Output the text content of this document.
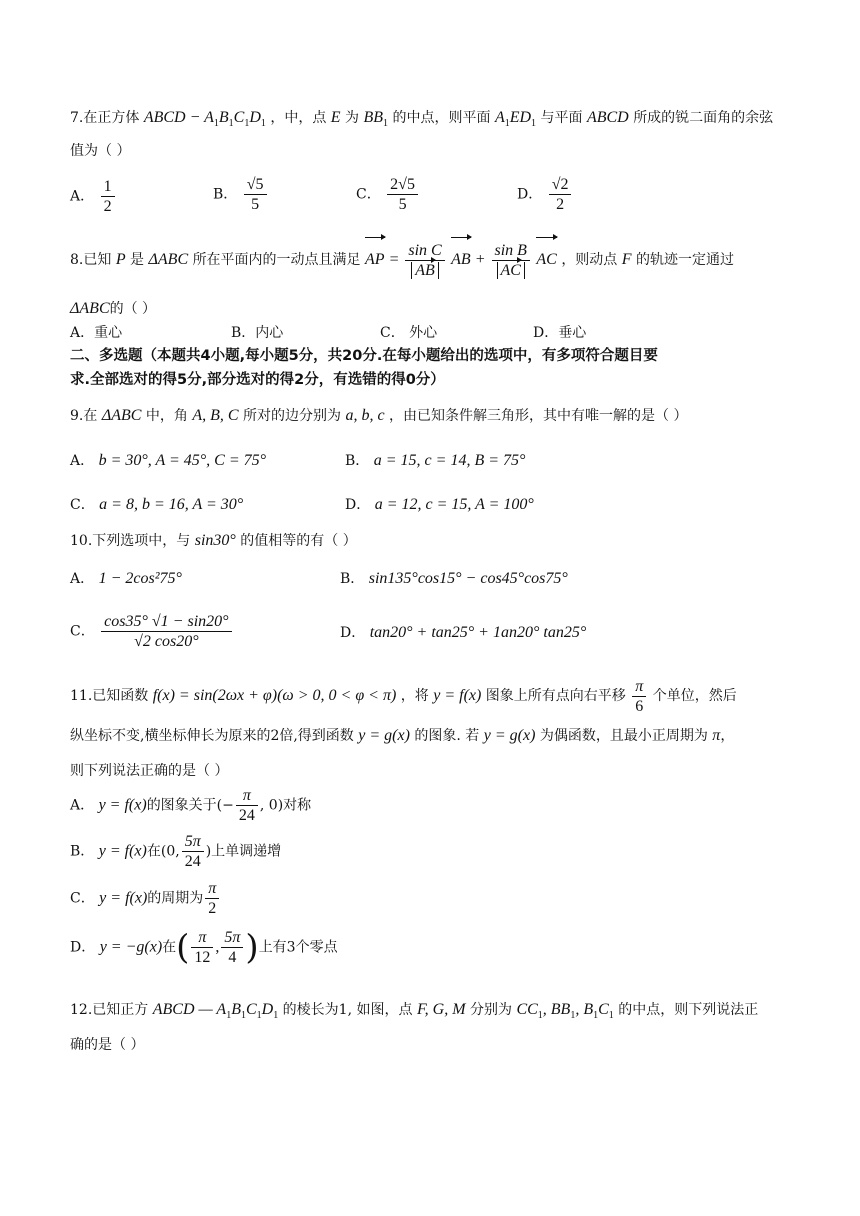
7.在正方体 ABCD − $A_1B_1C_1D_1$ ，中，点 E 为 $BB_1$ 的中点，则平面 $A_1ED_1$ 与平面 ABCD 所成的锐二面角的余弦
值为（ ）
A． $\frac{1}{2}$	B． $\frac{√5}{5}$	C． $\frac{2√5}{5}$	D． $\frac{√2}{2}$
8.已知 P 是 ΔABC 所在平面内的一动点且满足 AP = $\frac{\text{sin C}}{AB}$ AB + $\frac{\text{sin B}}{AC}$ AC ，则动点 F 的轨迹一定通过
ΔABC的（ ）
A．重心	B．内心	C． 外心	D．垂心
二、多选题（本题共4小题,每小题5分，共20分.在每小题给出的选项中，有多项符合题目要
求.全部选对的得5分,部分选对的得2分，有选错的得0分）
9.在 ΔABC 中，角 A, B, C 所对的边分别为 a, b, c ，由已知条件解三角形，其中有唯一解的是（ ）
A． b = 30°, A = 45°, C = 75°	B． a = 15, c = 14, B = 75°
C． a = 8, b = 16, A = 30°	D． a = 12, c = 15, A = 100°
10.下列选项中，与 sin30° 的值相等的有（ ）
A． 1 − 2cos²75°	B． sin135°cos15° − cos45°cos75°
C． $\frac{\cos 35^\circ √1 - \sin 20^\circ}{√2 \cos 20^\circ}$	D． tan20° + tan25° + 1an20° tan25°
11.已知函数 f(x) = sin(2ωx + φ)(ω > 0, 0 < φ < π) ，将 y = f(x) 图象上所有点向右平移 $\frac{\pi}{6}$ 个单位，然后
纵坐标不变,横坐标伸长为原来的2倍,得到函数 y = g(x) 的图象. 若 y = g(x) 为偶函数，且最小正周期为 π，
则下列说法正确的是（ ）
A． y = f(x)的图象关于(− $\frac{\pi}{24}$ , 0)对称
B． y = f(x)在(0, $\frac{5\pi}{24}$ )上单调递增
C． y = f(x)的周期为 $\frac{\pi}{2}$
D． y = −g(x)在( $\frac{\pi}{12}$ , $\frac{5\pi}{4}$ )上有3个零点
12.已知正方 ABCD — $A_1B_1C_1D_1$ 的棱长为1, 如图，点 F, G, M 分别为 $CC_1$, $BB_1$, $B_1C_1$ 的中点，则下列说法正
确的是（ ）
